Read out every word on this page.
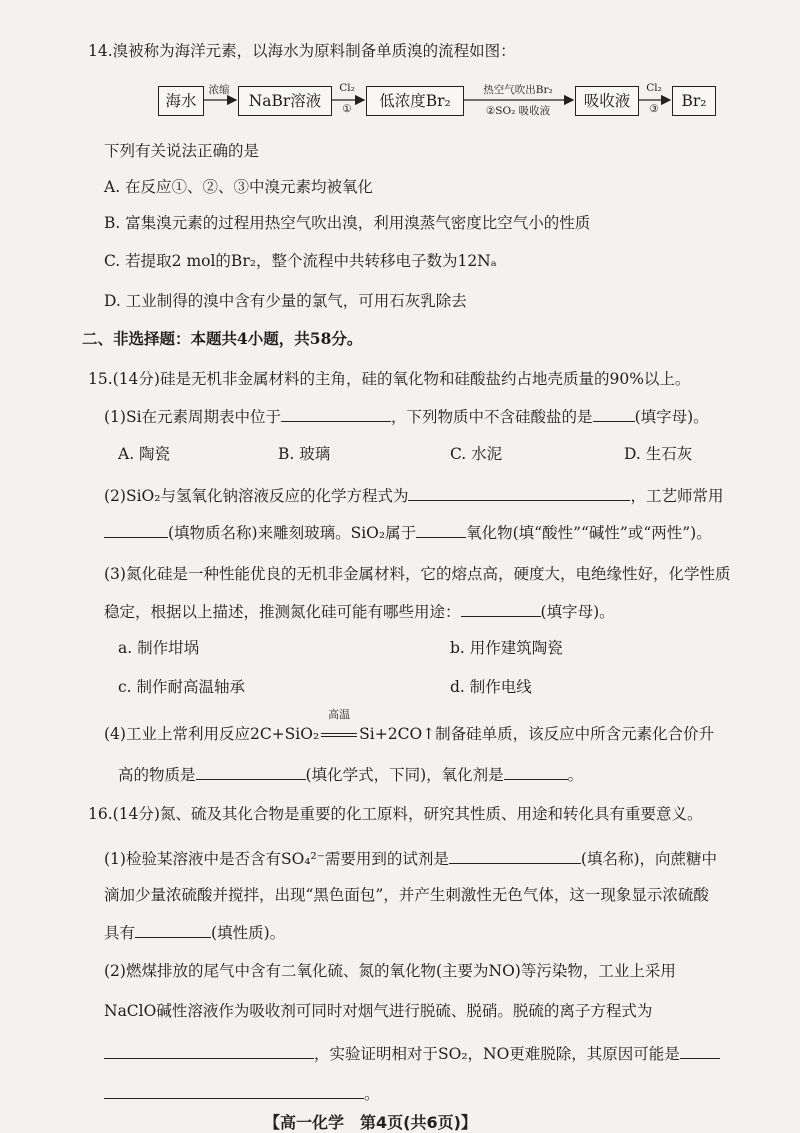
14.溴被称为海洋元素，以海水为原料制备单质溴的流程如图：
海水	NaBr溶液	低浓度Br₂	吸收液	Br₂
浓缩	Cl₂
①
热空气吹出Br₂
②SO₂ 吸收液
Cl₂
③
下列有关说法正确的是
A. 在反应①、②、③中溴元素均被氧化
B. 富集溴元素的过程用热空气吹出溴，利用溴蒸气密度比空气小的性质
C. 若提取2 mol的Br₂，整个流程中共转移电子数为12Nₐ
D. 工业制得的溴中含有少量的氯气，可用石灰乳除去
二、非选择题：本题共4小题，共58分。
15.(14分)硅是无机非金属材料的主角，硅的氧化物和硅酸盐约占地壳质量的90%以上。
(1)Si在元素周期表中位于	，下列物质中不含硅酸盐的是	(填字母)。
A. 陶瓷	B. 玻璃	C. 水泥	D. 生石灰
(2)SiO₂与氢氧化钠溶液反应的化学方程式为	，工艺师常用
(填物质名称)来雕刻玻璃。SiO₂属于	氧化物(填“酸性”“碱性”或“两性”)。
(3)氮化硅是一种性能优良的无机非金属材料，它的熔点高，硬度大，电绝缘性好，化学性质
稳定，根据以上描述，推测氮化硅可能有哪些用途：	(填字母)。
a. 制作坩埚	b. 用作建筑陶瓷
c. 制作耐高温轴承	d. 制作电线
(4)工业上常利用反应2C+SiO₂
高温
Si+2CO↑制备硅单质，该反应中所含元素化合价升
高的物质是	(填化学式，下同)，氧化剂是	。
16.(14分)氮、硫及其化合物是重要的化工原料，研究其性质、用途和转化具有重要意义。
(1)检验某溶液中是否含有SO₄²⁻需要用到的试剂是	(填名称)，向蔗糖中
滴加少量浓硫酸并搅拌，出现“黑色面包”，并产生刺激性无色气体，这一现象显示浓硫酸
具有	(填性质)。
(2)燃煤排放的尾气中含有二氧化硫、氮的氧化物(主要为NO)等污染物，工业上采用
NaClO碱性溶液作为吸收剂可同时对烟气进行脱硫、脱硝。脱硫的离子方程式为
，实验证明相对于SO₂，NO更难脱除，其原因可能是
。
【高一化学　第4页(共6页)】
